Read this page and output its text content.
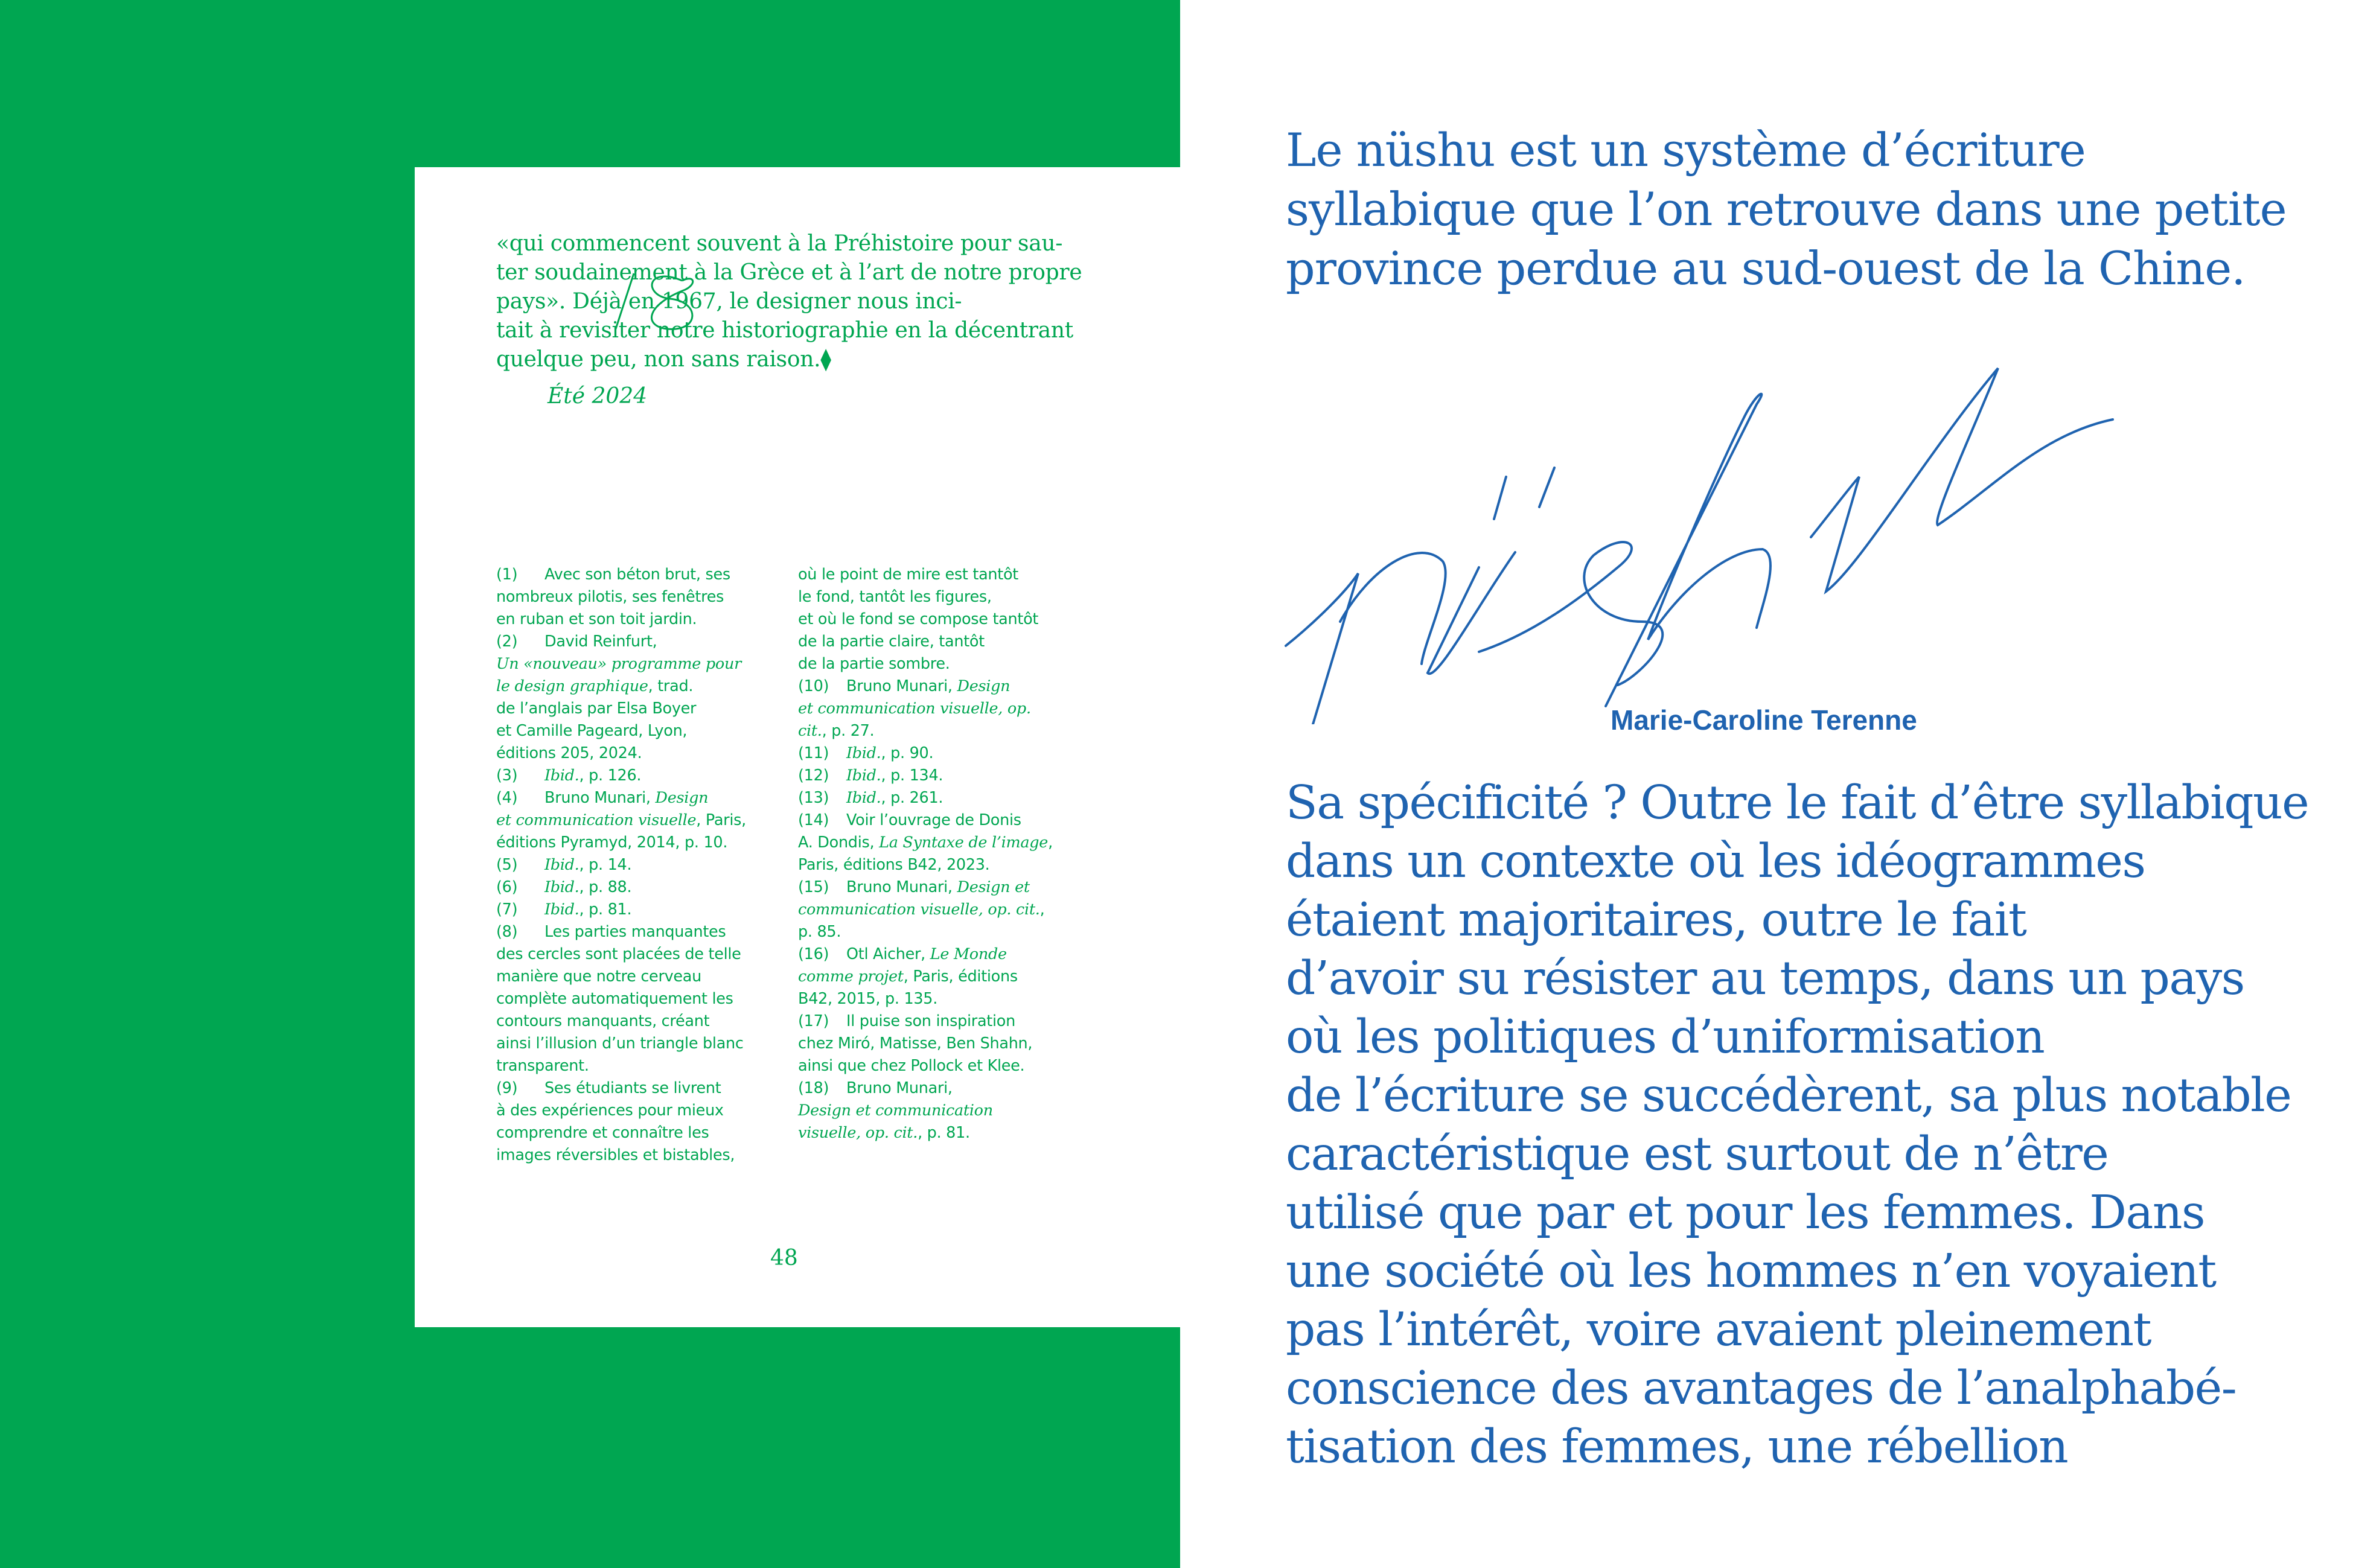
«qui commencent souvent à la Préhistoire pour sau-
ter soudainement à la Grèce et à l’art de notre propre
pays». Déjà en 1967, le designer nous inci-
tait à revisiter notre historiographie en la décentrant
quelque peu, non sans raison.⧫
Été 2024
(1) Avec son béton brut, ses
nombreux pilotis, ses fenêtres
en ruban et son toit jardin.
(2) David Reinfurt,
Un «nouveau» programme pour
le design graphique, trad.
de l’anglais par Elsa Boyer
et Camille Pageard, Lyon,
éditions 205, 2024.
(3) Ibid., p. 126.
(4) Bruno Munari, Design
et communication visuelle, Paris,
éditions Pyramyd, 2014, p. 10.
(5) Ibid., p. 14.
(6) Ibid., p. 88.
(7) Ibid., p. 81.
(8) Les parties manquantes
des cercles sont placées de telle
manière que notre cerveau
complète automatiquement les
contours manquants, créant
ainsi l’illusion d’un triangle blanc
transparent.
(9) Ses étudiants se livrent
à des expériences pour mieux
comprendre et connaître les
images réversibles et bistables,
où le point de mire est tantôt
le fond, tantôt les figures,
et où le fond se compose tantôt
de la partie claire, tantôt
de la partie sombre.
(10) Bruno Munari, Design
et communication visuelle, op.
cit., p. 27.
(11) Ibid., p. 90.
(12) Ibid., p. 134.
(13) Ibid., p. 261.
(14) Voir l’ouvrage de Donis
A. Dondis, La Syntaxe de l’image,
Paris, éditions B42, 2023.
(15) Bruno Munari, Design et
communication visuelle, op. cit.,
p. 85.
(16) Otl Aicher, Le Monde
comme projet, Paris, éditions
B42, 2015, p. 135.
(17) Il puise son inspiration
chez Miró, Matisse, Ben Shahn,
ainsi que chez Pollock et Klee.
(18) Bruno Munari,
Design et communication
visuelle, op. cit., p. 81.
48
Le nüshu est un système d’écriture
syllabique que l’on retrouve dans une petite
province perdue au sud-ouest de la Chine.
Marie-Caroline Terenne
Sa spécificité ? Outre le fait d’être syllabique
dans un contexte où les idéogrammes
étaient majoritaires, outre le fait
d’avoir su résister au temps, dans un pays
où les politiques d’uniformisation
de l’écriture se succédèrent, sa plus notable
caractéristique est surtout de n’être
utilisé que par et pour les femmes. Dans
une société où les hommes n’en voyaient
pas l’intérêt, voire avaient pleinement
conscience des avantages de l’analphabé-
tisation des femmes, une rébellion
